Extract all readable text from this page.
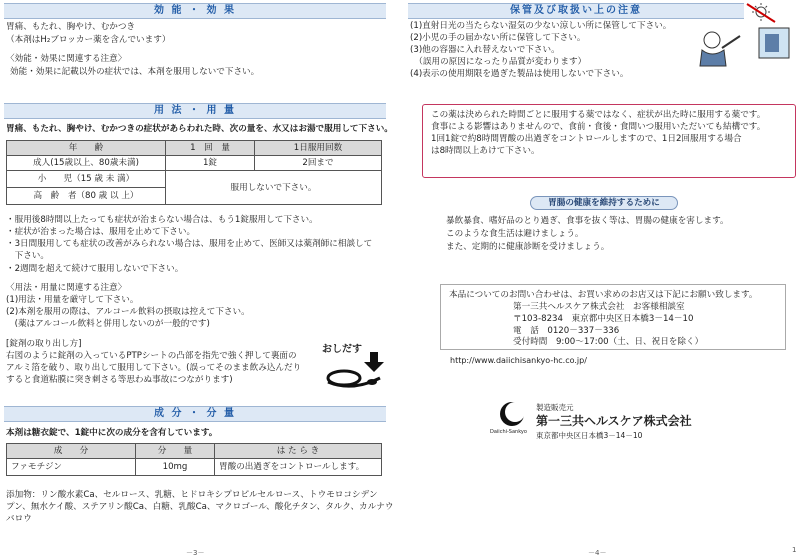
効 能 ・ 効 果
胃痛、もたれ、胸やけ、むかつき
（本剤はH₂ブロッカー薬を含んでいます）
〈効能・効果に関連する注意〉
効能・効果に記載以外の症状では、本剤を服用しないで下さい。
用 法 ・ 用 量
胃痛、もたれ、胸やけ、むかつきの症状があらわれた時、次の量を、水又はお湯で服用して下さい。
年　　齢	1　回　量	1日服用回数
成人(15歳以上、80歳未満)	1錠	2回まで
小　　児（15 歳 未 満）	服用しないで下さい。	
高　齢　者（80 歳 以 上）		
・服用後8時間以上たっても症状が治まらない場合は、もう1錠服用して下さい。
・症状が治まった場合は、服用を止めて下さい。
・3日間服用しても症状の改善がみられない場合は、服用を止めて、医師又は薬剤師に相談して
　下さい。
・2週間を超えて続けて服用しないで下さい。
〈用法・用量に関連する注意〉
(1)用法・用量を厳守して下さい。
(2)本剤を服用の際は、アルコール飲料の摂取は控えて下さい。
　(薬はアルコール飲料と併用しないのが一般的です)
[錠剤の取り出し方]
右図のように錠剤の入っているPTPシートの凸部を指先で強く押して裏面の
アルミ箔を破り、取り出して服用して下さい。(誤ってそのまま飲み込んだり
すると食道粘膜に突き刺さる等思わぬ事故につながります)
おしだす
成 分 ・ 分 量
本剤は糖衣錠で、1錠中に次の成分を含有しています。
成　　分	分　　量	は た ら き
ファモチジン	10mg	胃酸の出過ぎをコントロールします。
添加物：リン酸水素Ca、セルロース、乳糖、ヒドロキシプロピルセルロース、トウモロコシデン
プン、無水ケイ酸、ステアリン酸Ca、白糖、乳酸Ca、マクロゴール、酸化チタン、タルク、カルナウ
バロウ
－3－
保管及び取扱い上の注意
(1)直射日光の当たらない湿気の少ない涼しい所に保管して下さい。
(2)小児の手の届かない所に保管して下さい。
(3)他の容器に入れ替えないで下さい。
　（誤用の原因になったり品質が変わります）
(4)表示の使用期限を過ぎた製品は使用しないで下さい。
この薬は決められた時間ごとに服用する薬ではなく、症状が出た時に服用する薬です。
食事による影響はありませんので、食前・食後・食間いつ服用いただいても結構です。
1回1錠で約8時間胃酸の出過ぎをコントロールしますので、1日2回服用する場合
は8時間以上あけて下さい。
胃腸の健康を維持するために
暴飲暴食、嗜好品のとり過ぎ、食事を抜く等は、胃腸の健康を害します。
このような食生活は避けましょう。
また、定期的に健康診断を受けましょう。
本品についてのお問い合わせは、お買い求めのお店又は下記にお願い致します。
第一三共ヘルスケア株式会社　お客様相談室
〒103-8234　東京都中央区日本橋3－14－10
電　話　0120－337－336
受付時間　9:00～17:00（土、日、祝日を除く）
http://www.daiichisankyo-hc.co.jp/
Daiichi-Sankyo
製造販売元
第一三共ヘルスケア株式会社
東京都中央区日本橋3－14－10
－4－	1
